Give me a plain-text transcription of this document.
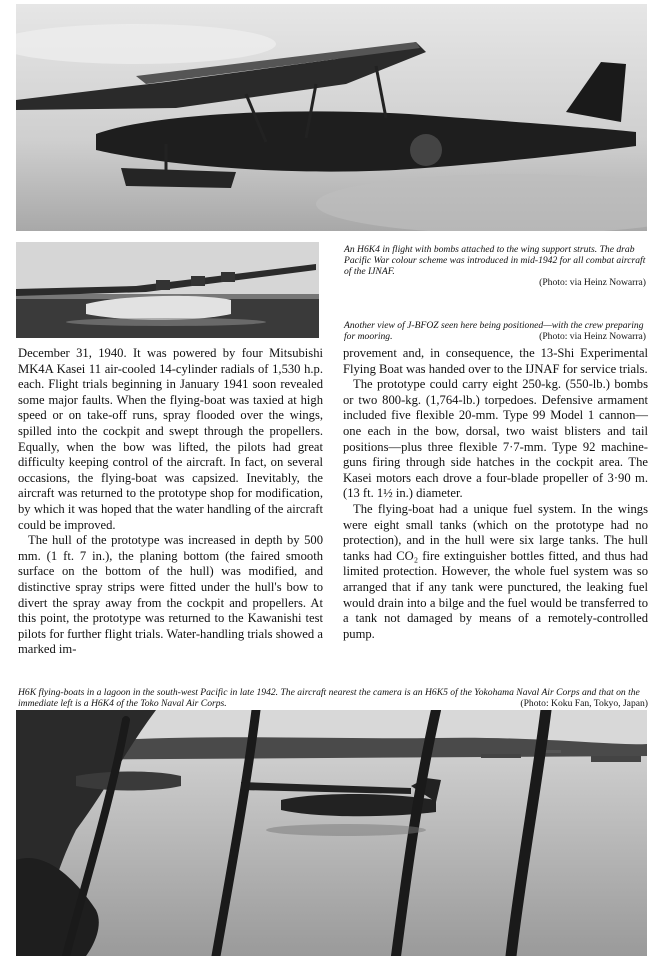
An H6K4 in flight with bombs attached to the wing support struts. The drab Pacific War colour scheme was introduced in mid-1942 for all combat aircraft of the IJNAF.
(Photo: via Heinz Nowarra)
Another view of J-BFOZ seen here being positioned—with the crew preparing for mooring.	(Photo: via Heinz Nowarra)

December 31, 1940. It was powered by four Mitsubishi MK4A Kasei 11 air-cooled 14-cylinder radials of 1,530 h.p. each. Flight trials beginning in January 1941 soon revealed some major faults. When the flying-boat was taxied at high speed or on take-off runs, spray flooded over the wings, spilled into the cockpit and swept through the propellers. Equally, when the bow was lifted, the pilots had great difficulty keeping control of the aircraft. In fact, on several occasions, the flying-boat was capsized. Inevitably, the aircraft was returned to the prototype shop for modification, by which it was hoped that the water handling of the aircraft could be improved.

The hull of the prototype was increased in depth by 500 mm. (1 ft. 7 in.), the planing bottom (the faired smooth surface on the bottom of the hull) was modified, and distinctive spray strips were fitted under the hull's bow to divert the spray away from the cockpit and propellers. At this point, the prototype was returned to the Kawanishi test pilots for further flight trials. Water-handling trials showed a marked im-

provement and, in consequence, the 13-Shi Experimental Flying Boat was handed over to the IJNAF for service trials.

The prototype could carry eight 250-kg. (550-lb.) bombs or two 800-kg. (1,764-lb.) torpedoes. Defensive armament included five flexible 20-mm. Type 99 Model 1 cannon—one each in the bow, dorsal, two waist blisters and tail positions—plus three flexible 7·7-mm. Type 92 machine-guns firing through side hatches in the cockpit area. The Kasei motors each drove a four-blade propeller of 3·90 m. (13 ft. 1½ in.) diameter.

The flying-boat had a unique fuel system. In the wings were eight small tanks (which on the prototype had no protection), and in the hull were six large tanks. The hull tanks had CO₂ fire extinguisher bottles fitted, and thus had limited protection. However, the whole fuel system was so arranged that if any tank were punctured, the leaking fuel would drain into a bilge and the fuel would be transferred to a tank not damaged by means of a remotely-controlled pump.

H6K flying-boats in a lagoon in the south-west Pacific in late 1942. The aircraft nearest the camera is an H6K5 of the Yokohama Naval Air Corps and that on the immediate left is a H6K4 of the Toko Naval Air Corps.	(Photo: Koku Fan, Tokyo, Japan)
